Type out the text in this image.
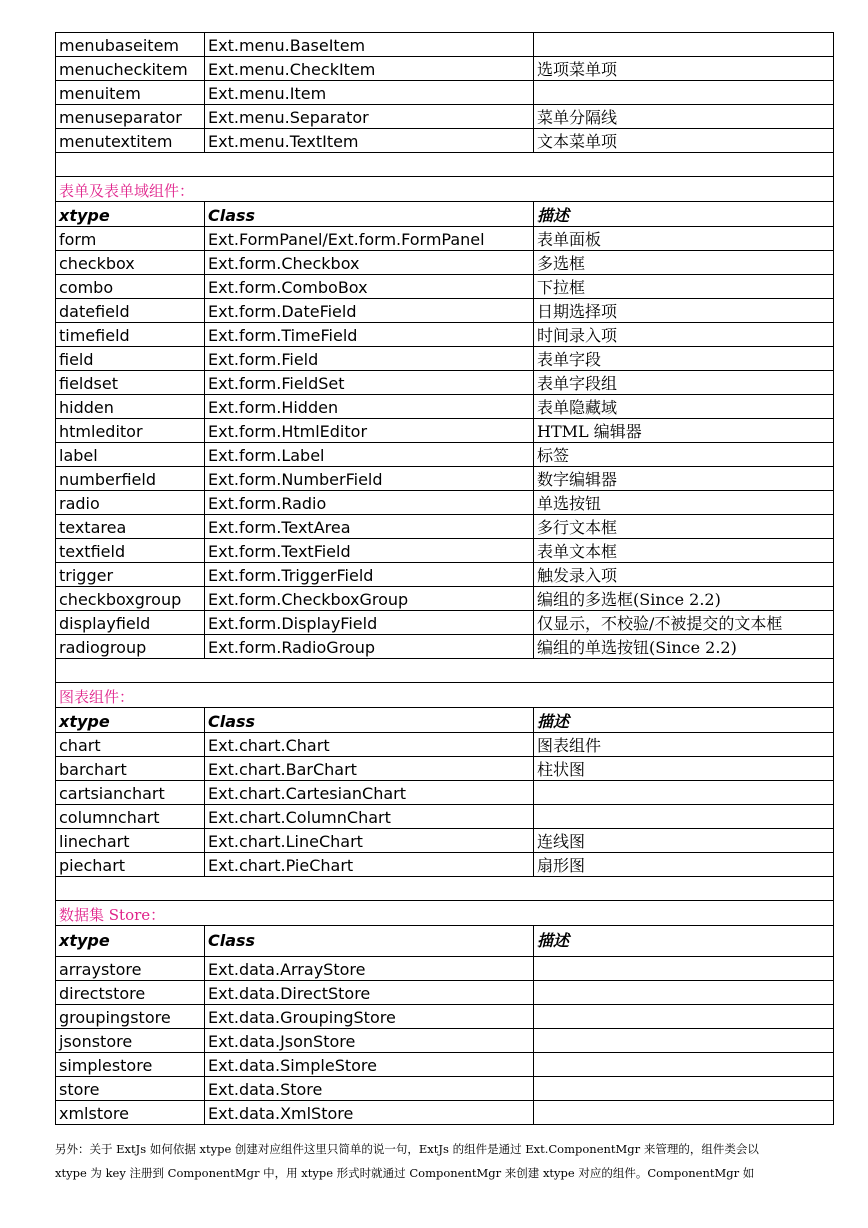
menubaseitem	Ext.menu.BaseItem	
menucheckitem	Ext.menu.CheckItem	选项菜单项
menuitem	Ext.menu.Item	
menuseparator	Ext.menu.Separator	菜单分隔线
menutextitem	Ext.menu.TextItem	文本菜单项

表单及表单域组件：		
xtype	Class	描述
form	Ext.FormPanel/Ext.form.FormPanel	表单面板
checkbox	Ext.form.Checkbox	多选框
combo	Ext.form.ComboBox	下拉框
datefield	Ext.form.DateField	日期选择项
timefield	Ext.form.TimeField	时间录入项
field	Ext.form.Field	表单字段
fieldset	Ext.form.FieldSet	表单字段组
hidden	Ext.form.Hidden	表单隐藏域
htmleditor	Ext.form.HtmlEditor	HTML 编辑器
label	Ext.form.Label	标签
numberfield	Ext.form.NumberField	数字编辑器
radio	Ext.form.Radio	单选按钮
textarea	Ext.form.TextArea	多行文本框
textfield	Ext.form.TextField	表单文本框
trigger	Ext.form.TriggerField	触发录入项
checkboxgroup	Ext.form.CheckboxGroup	编组的多选框(Since 2.2)
displayfield	Ext.form.DisplayField	仅显示，不校验/不被提交的文本框
radiogroup	Ext.form.RadioGroup	编组的单选按钮(Since 2.2)

图表组件：		
xtype	Class	描述
chart	Ext.chart.Chart	图表组件
barchart	Ext.chart.BarChart	柱状图
cartsianchart	Ext.chart.CartesianChart	
columnchart	Ext.chart.ColumnChart	
linechart	Ext.chart.LineChart	连线图
piechart	Ext.chart.PieChart	扇形图

数据集 Store：		
xtype	Class	描述
arraystore	Ext.data.ArrayStore	
directstore	Ext.data.DirectStore	
groupingstore	Ext.data.GroupingStore	
jsonstore	Ext.data.JsonStore	
simplestore	Ext.data.SimpleStore	
store	Ext.data.Store	
xmlstore	Ext.data.XmlStore	
另外：关于 ExtJs 如何依据 xtype 创建对应组件这里只简单的说一句，ExtJs 的组件是通过 Ext.ComponentMgr 来管理的，组件类会以
xtype 为 key 注册到 ComponentMgr 中，用 xtype 形式时就通过 ComponentMgr 来创建 xtype 对应的组件。ComponentMgr 如
